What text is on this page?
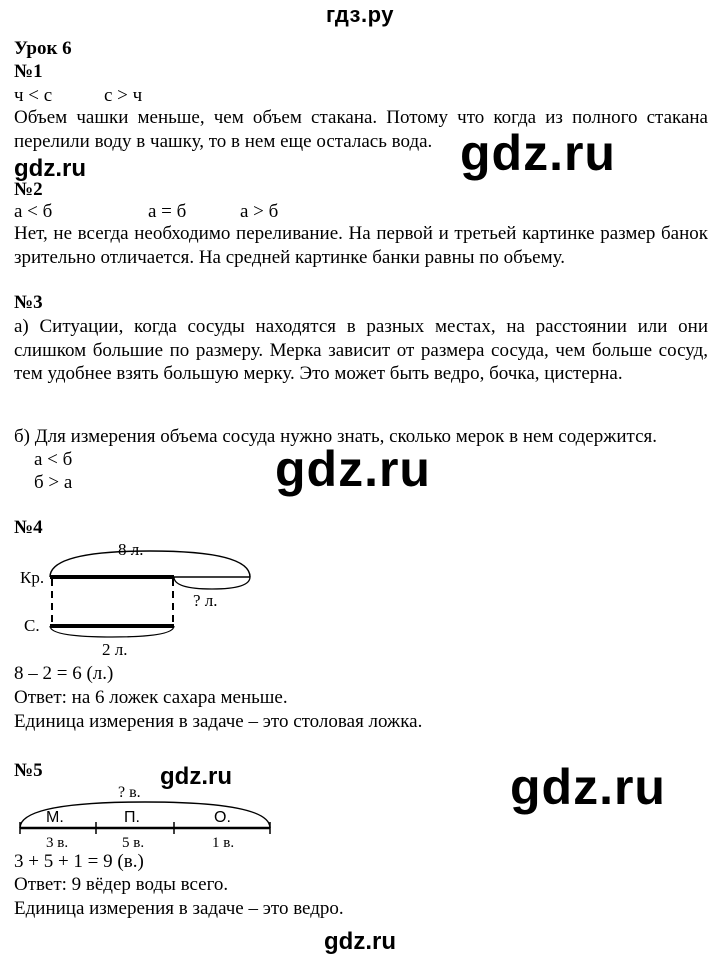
гдз.ру
Урок 6
№1
ч < с	с > ч
Объем чашки меньше, чем объем стакана. Потому что когда из полного стакана перелили воду в чашку, то в нем еще осталась вода. gdz.ru
gdz.ru
№2
а < б	а = б	а > б
Нет, не всегда необходимо переливание. На первой и третьей картинке размер банок зрительно отличается. На средней картинке банки равны по объему.
№3
а) Ситуации, когда сосуды находятся в разных местах, на расстоянии или они слишком большие по размеру. Мерка зависит от размера сосуда, чем больше сосуд, тем удобнее взять большую мерку. Это может быть ведро, бочка, цистерна.
б) Для измерения объема сосуда нужно знать, сколько мерок в нем содержится.
а < б
б > а	gdz.ru
№4
8 л.
Кр.
? л.
С.
2 л.
8 – 2 = 6 (л.)
Ответ: на 6 ложек сахара меньше.
Единица измерения в задаче – это столовая ложка.
№5	gdz.ru	gdz.ru
? в.
М.	П.	О.
3 в.	5 в.	1 в.
3 + 5 + 1 = 9 (в.)
Ответ: 9 вёдер воды всего.
Единица измерения в задаче – это ведро.
gdz.ru
